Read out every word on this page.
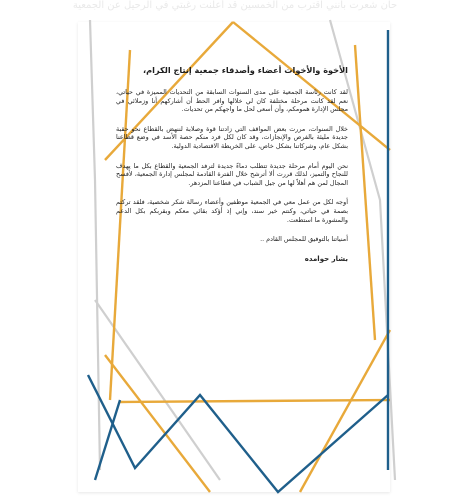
حان شعرت بأنني اقترب من الخمسين قد أعلنت رغبتي في الرحيل عن الجمعية
الأخوة والأخوات أعضاء وأصدقاء جمعية إنتاج الكرام،

لقد كانت رئاسة الجمعية على مدى السنوات السابقة من التحديات المميزة في حياتي، نعم لقد كانت مرحلة مختلفة كان لي خلالها وافر الحظ أن أشاركهم أنا وزملائي في مجلس الإدارة همومكم، وأن أسعى لحل ما واجهكم من تحديات.

خلال السنوات، مررت بعض المواقف التي زادتنا قوة وصلابة لننهض بالقطاع نحو حقبة جديدة مليئة بالفرص والإنجازات، وقد كان لكل فرد منكم حصة الأسد في وضع قطاعنا بشكل عام، وشركاتنا بشكل خاص، على الخريطة الاقتصادية الدولية.

نحن اليوم أمام مرحلة جديدة تتطلب دماءً جديدة لترفد الجمعية والقطاع بكل ما يهدف للنجاح والتميز، لذلك قررت ألا أترشح خلال الفترة القادمة لمجلس إدارة الجمعية، لأفسح المجال لمن هم أهلاً لها من جيل الشباب في قطاعنا المزدهر.

أوجه لكل من عمل معي في الجمعية موظفين وأعضاء رسالة شكر شخصية، فلقد تركتم بصمة في حياتي، وكنتم خير سند، وإني إذ أؤكد بقائي معكم وبقربكم بكل الدعم والمشورة ما استطعت.

أمنياتنا بالتوفيق للمجلس القادم ..

بشار حوامده
